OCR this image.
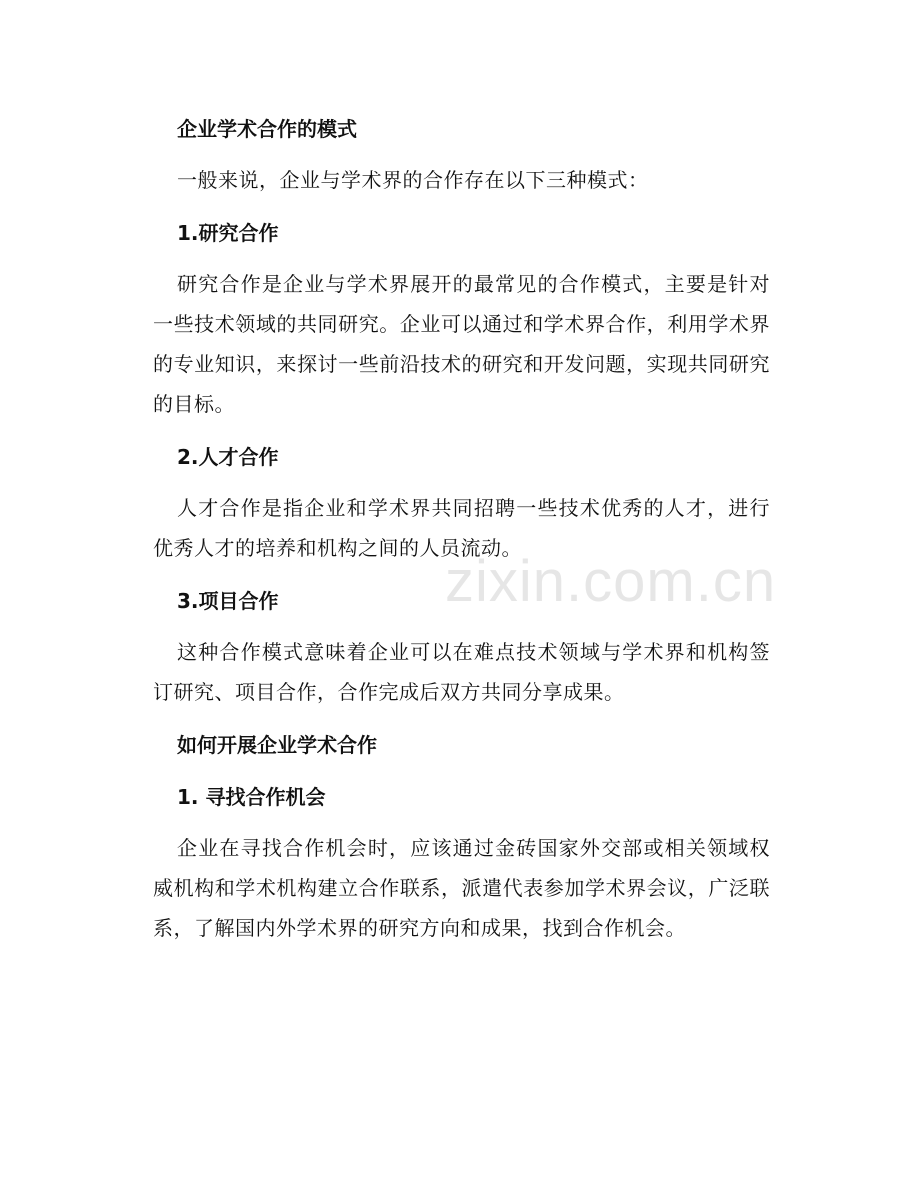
企业学术合作的模式
一般来说，企业与学术界的合作存在以下三种模式：
1.研究合作
研究合作是企业与学术界展开的最常见的合作模式，主要是针对一些技术领域的共同研究。企业可以通过和学术界合作，利用学术界的专业知识，来探讨一些前沿技术的研究和开发问题，实现共同研究的目标。
2.人才合作
人才合作是指企业和学术界共同招聘一些技术优秀的人才，进行优秀人才的培养和机构之间的人员流动。
3.项目合作
这种合作模式意味着企业可以在难点技术领域与学术界和机构签订研究、项目合作，合作完成后双方共同分享成果。
如何开展企业学术合作
1. 寻找合作机会
企业在寻找合作机会时，应该通过金砖国家外交部或相关领域权威机构和学术机构建立合作联系，派遣代表参加学术界会议，广泛联系，了解国内外学术界的研究方向和成果，找到合作机会。
zixin.com.cn
